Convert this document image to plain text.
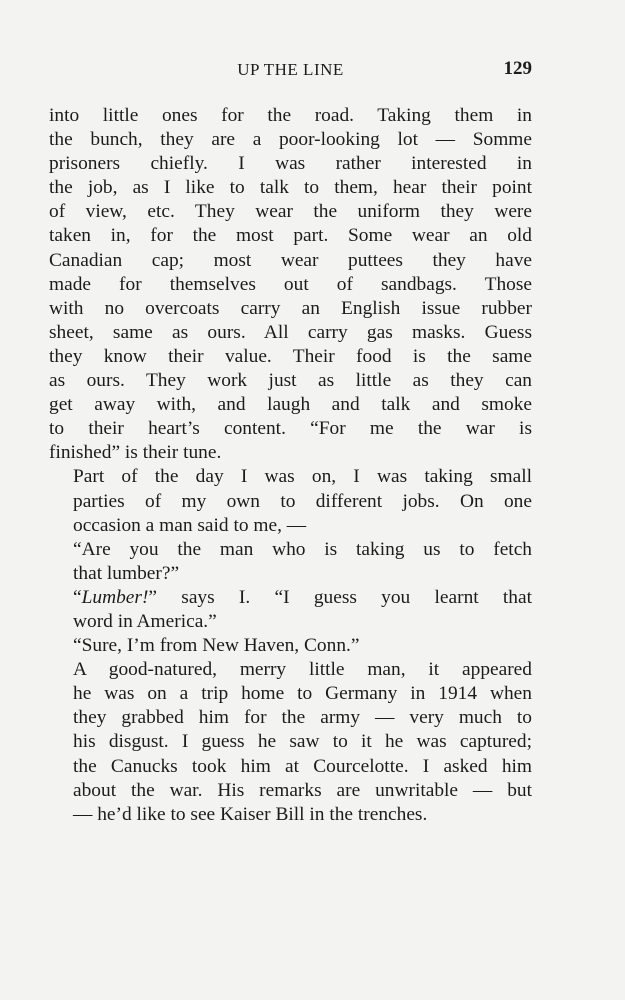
UP THE LINE	129

into little ones for the road. Taking them in
the bunch, they are a poor-looking lot — Somme
prisoners chiefly. I was rather interested in
the job, as I like to talk to them, hear their point
of view, etc. They wear the uniform they were
taken in, for the most part. Some wear an old
Canadian cap; most wear puttees they have
made for themselves out of sandbags. Those
with no overcoats carry an English issue rubber
sheet, same as ours. All carry gas masks. Guess
they know their value. Their food is the same
as ours. They work just as little as they can
get away with, and laugh and talk and smoke
to their heart’s content. “For me the war is
finished” is their tune.

Part of the day I was on, I was taking small
parties of my own to different jobs. On one
occasion a man said to me, —

“Are you the man who is taking us to fetch
that lumber?”

“Lumber!” says I. “I guess you learnt that
word in America.”

“Sure, I’m from New Haven, Conn.”

A good-natured, merry little man, it appeared
he was on a trip home to Germany in 1914 when
they grabbed him for the army — very much to
his disgust. I guess he saw to it he was captured;
the Canucks took him at Courcelotte. I asked him
about the war. His remarks are unwritable — but
— he’d like to see Kaiser Bill in the trenches.
